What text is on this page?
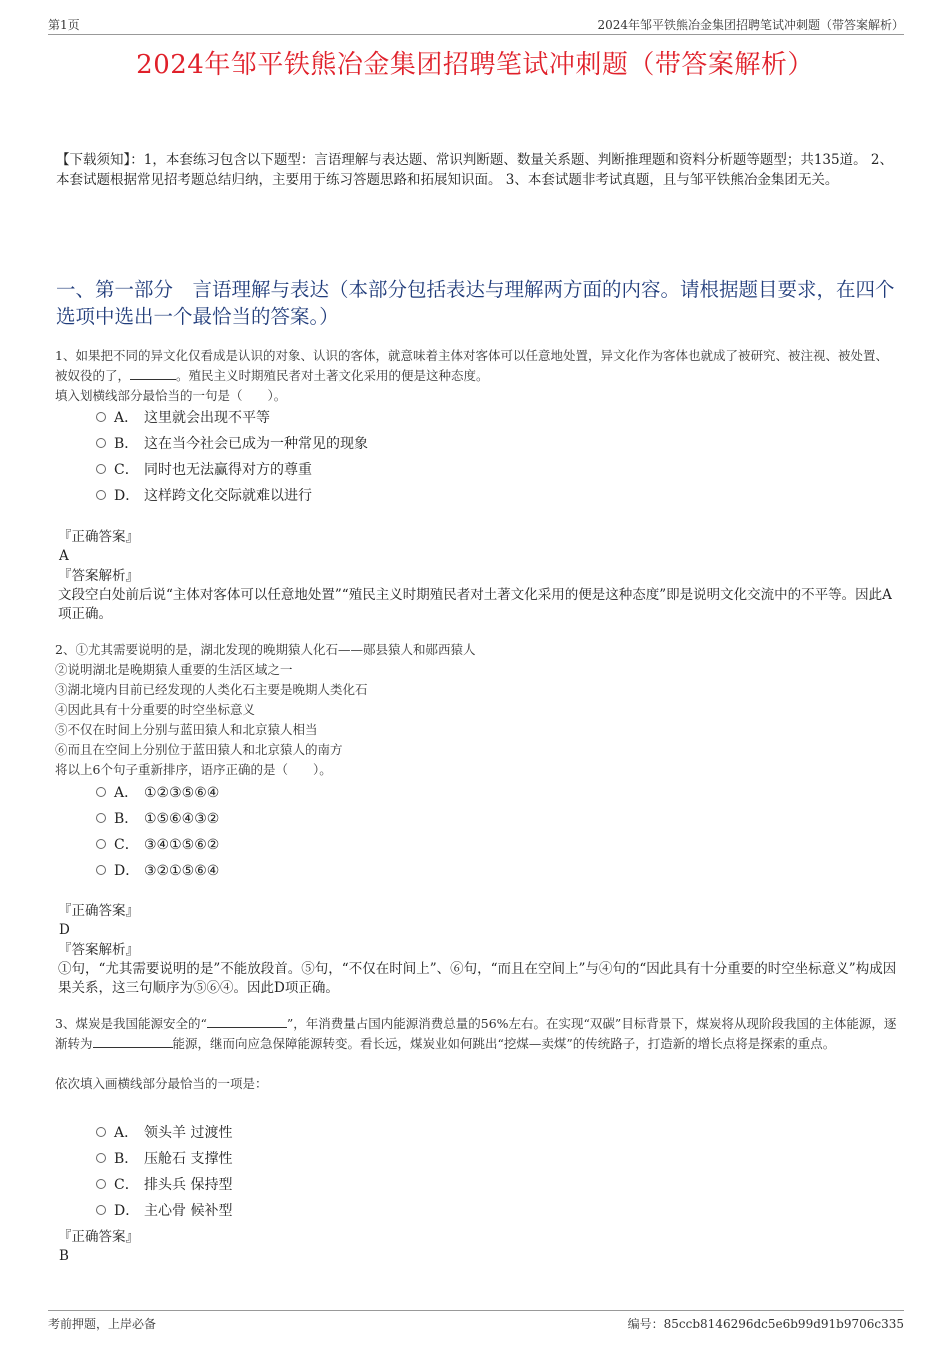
第1页	2024年邹平铁熊冶金集团招聘笔试冲刺题（带答案解析）
2024年邹平铁熊冶金集团招聘笔试冲刺题（带答案解析）
【下载须知】：1，本套练习包含以下题型：言语理解与表达题、常识判断题、数量关系题、判断推理题和资料分析题等题型；共135道。 2、本套试题根据常见招考题总结归纳，主要用于练习答题思路和拓展知识面。 3、本套试题非考试真题，且与邹平铁熊冶金集团无关。
一、第一部分　言语理解与表达（本部分包括表达与理解两方面的内容。请根据题目要求，在四个选项中选出一个最恰当的答案。）

1、如果把不同的异文化仅看成是认识的对象、认识的客体，就意味着主体对客体可以任意地处置，异文化作为客体也就成了被研究、被注视、被处置、被奴役的了，	。殖民主义时期殖民者对土著文化采用的便是这种态度。

填入划横线部分最恰当的一句是（　　）。

A． 这里就会出现不平等
B． 这在当今社会已成为一种常见的现象
C． 同时也无法赢得对方的尊重
D． 这样跨文化交际就难以进行

『正确答案』

A

『答案解析』

文段空白处前后说“主体对客体可以任意地处置”“殖民主义时期殖民者对土著文化采用的便是这种态度”即是说明文化交流中的不平等。因此A项正确。

2、①尤其需要说明的是，湖北发现的晚期猿人化石——郧县猿人和郧西猿人

②说明湖北是晚期猿人重要的生活区域之一

③湖北境内目前已经发现的人类化石主要是晚期人类化石

④因此具有十分重要的时空坐标意义

⑤不仅在时间上分别与蓝田猿人和北京猿人相当

⑥而且在空间上分别位于蓝田猿人和北京猿人的南方

将以上6个句子重新排序，语序正确的是（　　）。

A． ①②③⑤⑥④
B． ①⑤⑥④③②
C． ③④①⑤⑥②
D． ③②①⑤⑥④

『正确答案』

D

『答案解析』

①句，“尤其需要说明的是”不能放段首。⑤句，“不仅在时间上”、⑥句，“而且在空间上”与④句的“因此具有十分重要的时空坐标意义”构成因果关系，这三句顺序为⑤⑥④。因此D项正确。

3、煤炭是我国能源安全的“	”，年消费量占国内能源消费总量的56%左右。在实现“双碳”目标背景下，煤炭将从现阶段我国的主体能源，逐渐转为	能源，继而向应急保障能源转变。看长远，煤炭业如何跳出“挖煤—卖煤”的传统路子，打造新的增长点将是探索的重点。

依次填入画横线部分最恰当的一项是：

A． 领头羊 过渡性
B． 压舱石 支撑性
C． 排头兵 保持型
D． 主心骨 候补型

『正确答案』

B

考前押题，上岸必备	编号：85ccb8146296dc5e6b99d91b9706c335
